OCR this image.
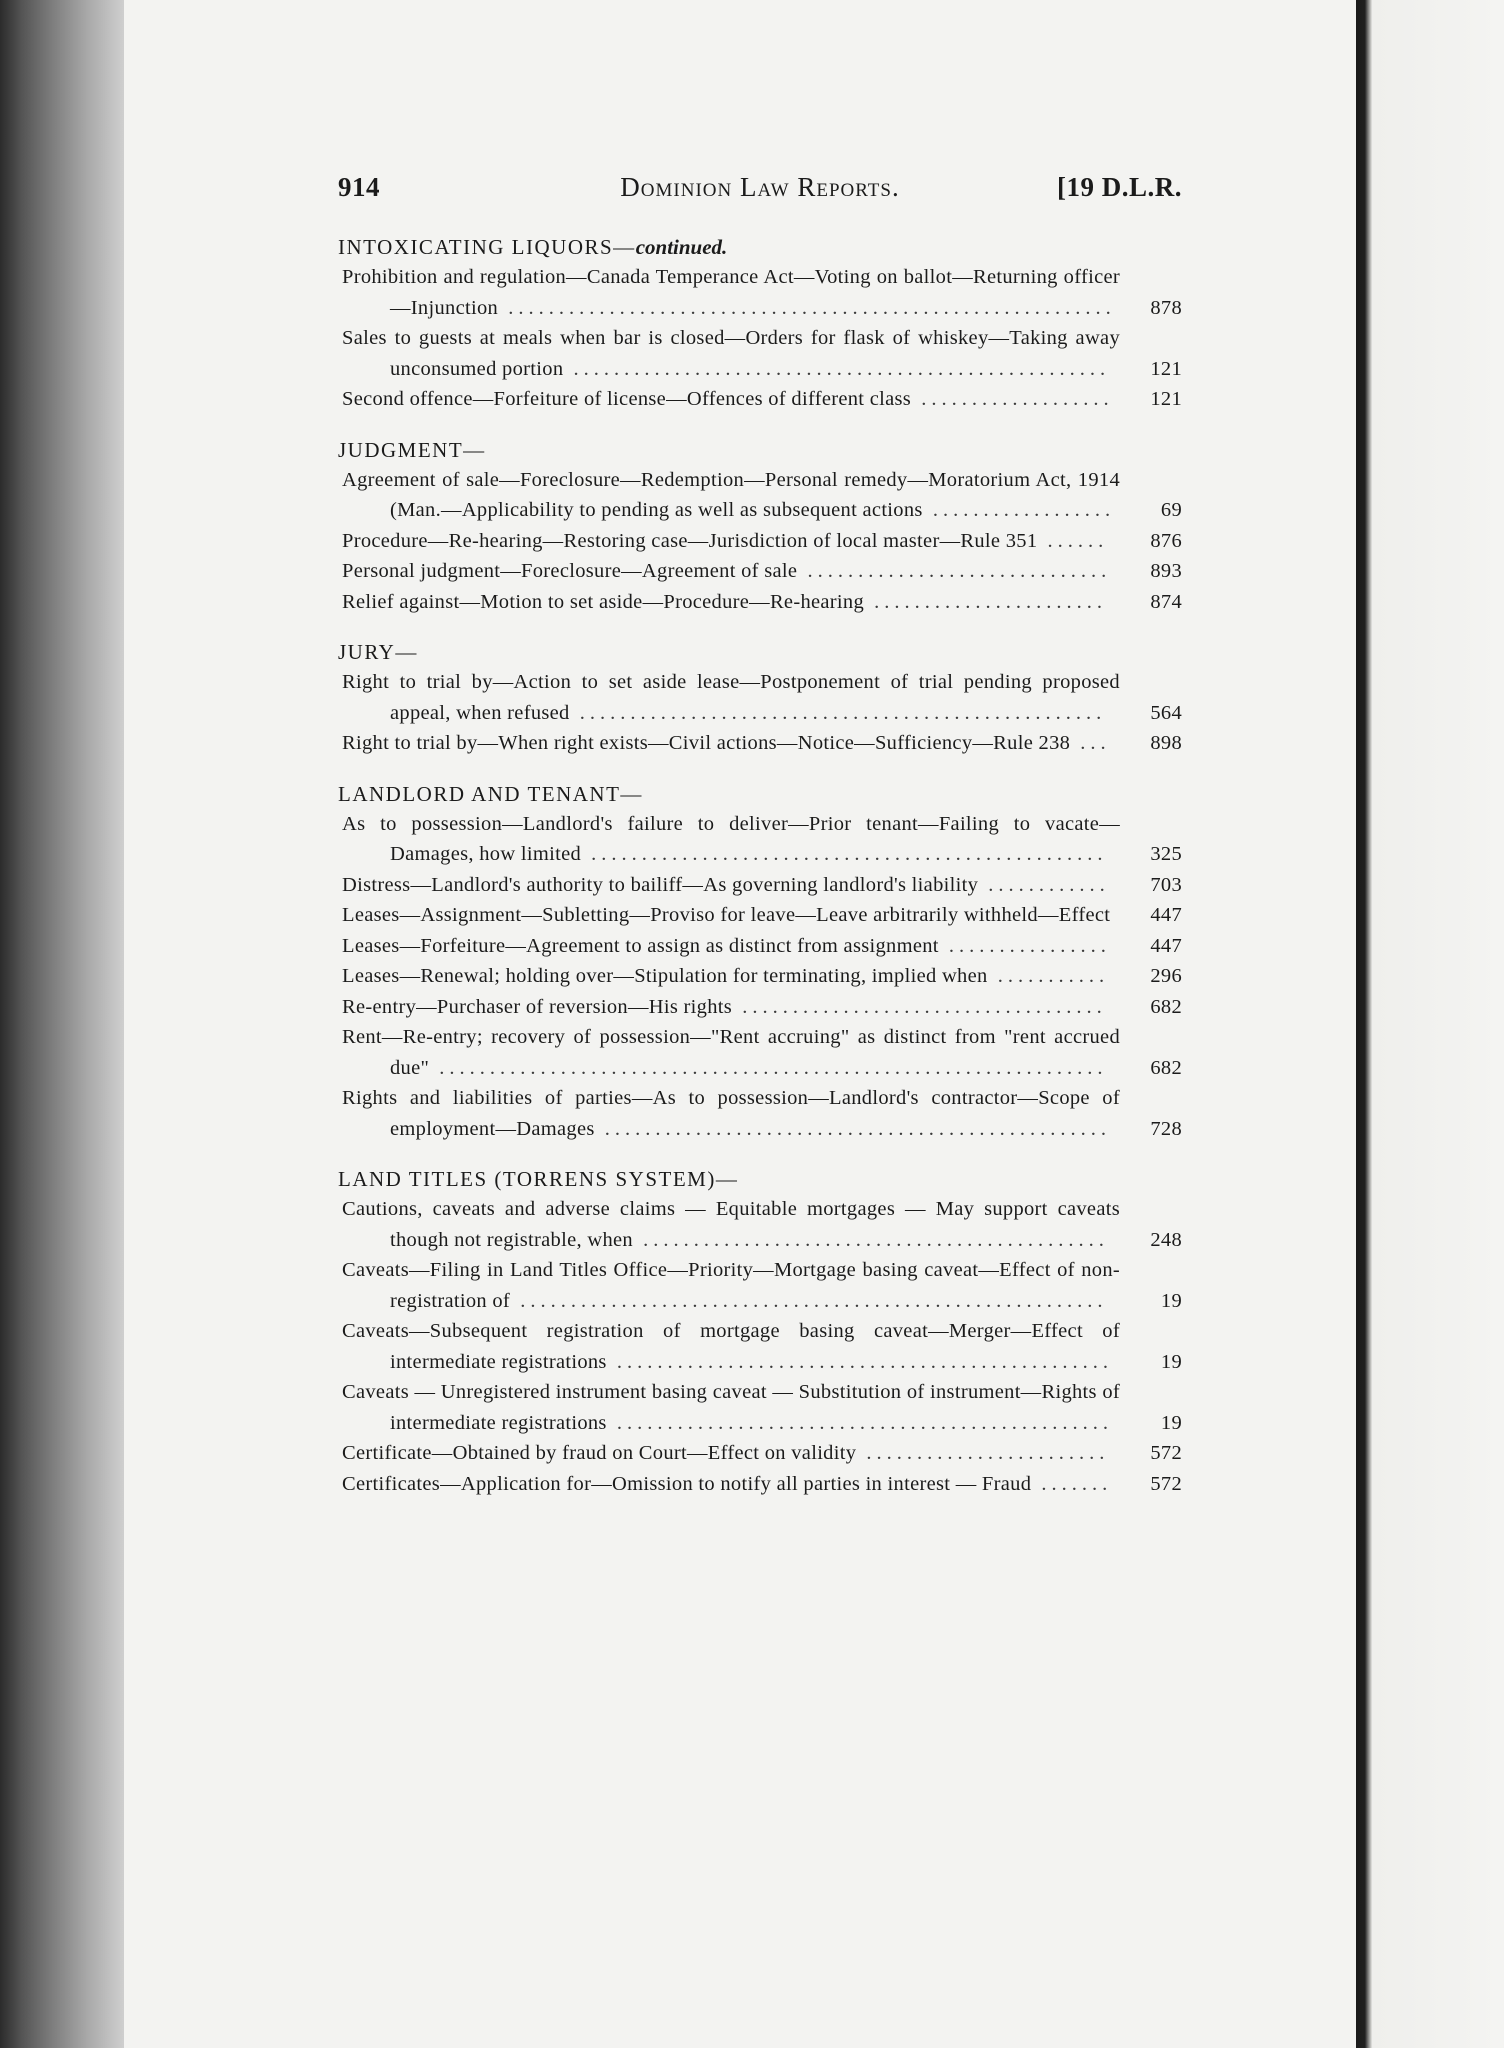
Dominion Law Reports.
914	[19 D.L.R.
INTOXICATING LIQUORS—continued.
Prohibition and regulation—Canada Temperance Act—Voting on ballot—Returning officer—Injunction ............................................................	878
Sales to guests at meals when bar is closed—Orders for flask of whiskey—Taking away unconsumed portion .....................................................	121
Second offence—Forfeiture of license—Offences of different class ...................	121
JUDGMENT—
Agreement of sale—Foreclosure—Redemption—Personal remedy—Moratorium Act, 1914 (Man.—Applicability to pending as well as subsequent actions ..................	69
Procedure—Re-hearing—Restoring case—Jurisdiction of local master—Rule 351 ......	876
Personal judgment—Foreclosure—Agreement of sale ..............................	893
Relief against—Motion to set aside—Procedure—Re-hearing .......................	874
JURY—
Right to trial by—Action to set aside lease—Postponement of trial pending proposed appeal, when refused ....................................................	564
Right to trial by—When right exists—Civil actions—Notice—Sufficiency—Rule 238 ...	898
LANDLORD AND TENANT—
As to possession—Landlord's failure to deliver—Prior tenant—Failing to vacate—Damages, how limited ...................................................	325
Distress—Landlord's authority to bailiff—As governing landlord's liability ............	703
Leases—Assignment—Subletting—Proviso for leave—Leave arbitrarily withheld—Effect	447
Leases—Forfeiture—Agreement to assign as distinct from assignment ................	447
Leases—Renewal; holding over—Stipulation for terminating, implied when ...........	296
Re-entry—Purchaser of reversion—His rights ....................................	682
Rent—Re-entry; recovery of possession—"Rent accruing" as distinct from "rent accrued due" ..................................................................	682
Rights and liabilities of parties—As to possession—Landlord's contractor—Scope of employment—Damages ..................................................	728
LAND TITLES (TORRENS SYSTEM)—
Cautions, caveats and adverse claims — Equitable mortgages — May support caveats though not registrable, when ..............................................	248
Caveats—Filing in Land Titles Office—Priority—Mortgage basing caveat—Effect of non-registration of ..........................................................	19
Caveats—Subsequent registration of mortgage basing caveat—Merger—Effect of intermediate registrations .................................................	19
Caveats — Unregistered instrument basing caveat — Substitution of instrument—Rights of intermediate registrations .................................................	19
Certificate—Obtained by fraud on Court—Effect on validity ........................	572
Certificates—Application for—Omission to notify all parties in interest — Fraud .......	572
